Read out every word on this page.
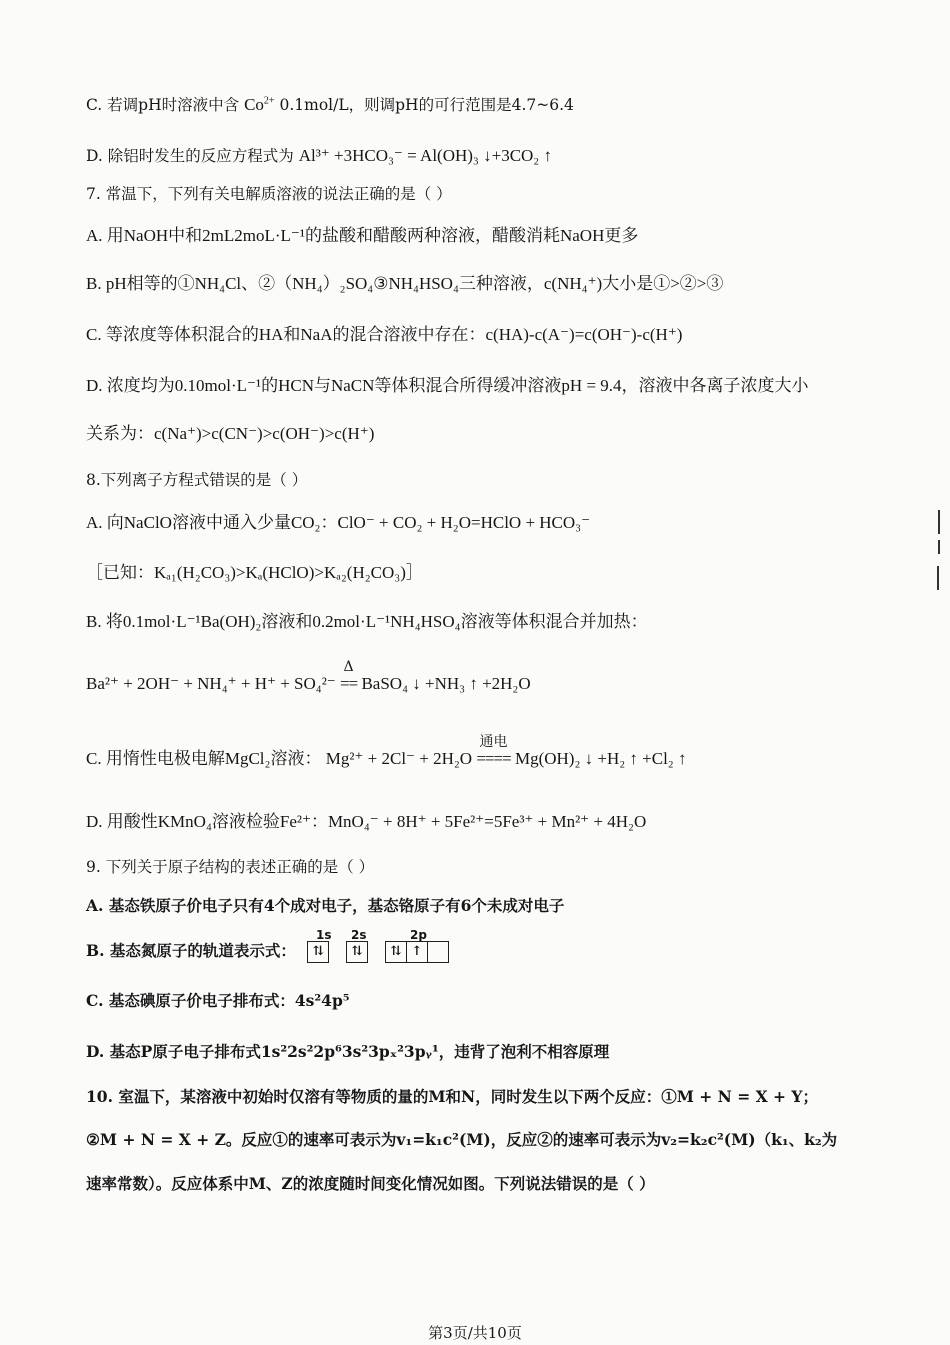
C. 若调pH时溶液中含 $Co^{2+}$ 0.1mol/L，则调pH的可行范围是4.7~6.4
D. 除铝时发生的反应方程式为 Al³⁺ +3HCO₃⁻ = Al(OH)₃ ↓+3CO₂ ↑
7. 常温下，下列有关电解质溶液的说法正确的是（ ）
A. 用NaOH中和2mL2moL·L⁻¹的盐酸和醋酸两种溶液，醋酸消耗NaOH更多
B. pH相等的①NH₄Cl、②（NH₄）₂SO₄③NH₄HSO₄三种溶液，c(NH₄⁺)大小是①>②>③
C. 等浓度等体积混合的HA和NaA的混合溶液中存在：c(HA)-c(A⁻)=c(OH⁻)-c(H⁺)
D. 浓度均为0.10mol·L⁻¹的HCN与NaCN等体积混合所得缓冲溶液pH = 9.4，溶液中各离子浓度大小
关系为：c(Na⁺)>c(CN⁻)>c(OH⁻)>c(H⁺)
8.下列离子方程式错误的是（ ）
A. 向NaClO溶液中通入少量CO₂：ClO⁻ + CO₂ + H₂O=HClO + HCO₃⁻
［已知：Kₐ₁(H₂CO₃)>Kₐ(HClO)>Kₐ₂(H₂CO₃)］
B. 将0.1mol·L⁻¹Ba(OH)₂溶液和0.2mol·L⁻¹NH₄HSO₄溶液等体积混合并加热：
Ba²⁺ + 2OH⁻ + NH₄⁺ + H⁺ + SO₄²⁻
Δ
== BaSO₄ ↓ +NH₃ ↑ +2H₂O
C. 用惰性电极电解MgCl₂溶液： Mg²⁺ + 2Cl⁻ + 2H₂O
通电
==== Mg(OH)₂ ↓ +H₂ ↑ +Cl₂ ↑
D. 用酸性KMnO₄溶液检验Fe²⁺：MnO₄⁻ + 8H⁺ + 5Fe²⁺=5Fe³⁺ + Mn²⁺ + 4H₂O
9. 下列关于原子结构的表述正确的是（ ）
A. 基态铁原子价电子只有4个成对电子，基态铬原子有6个未成对电子
B. 基态氮原子的轨道表示式： ⇅ ⇅ ⇅ ↑
1s 2s	2p
C. 基态碘原子价电子排布式：4s²4p⁵
D. 基态P原子电子排布式1s²2s²2p⁶3s²3pₓ²3pᵧ¹，违背了泡利不相容原理
10. 室温下，某溶液中初始时仅溶有等物质的量的M和N，同时发生以下两个反应：①M + N = X + Y；
②M + N = X + Z。反应①的速率可表示为v₁=k₁c²(M)，反应②的速率可表示为v₂=k₂c²(M)（k₁、k₂为
速率常数）。反应体系中M、Z的浓度随时间变化情况如图。下列说法错误的是（ ）
第3页/共10页
